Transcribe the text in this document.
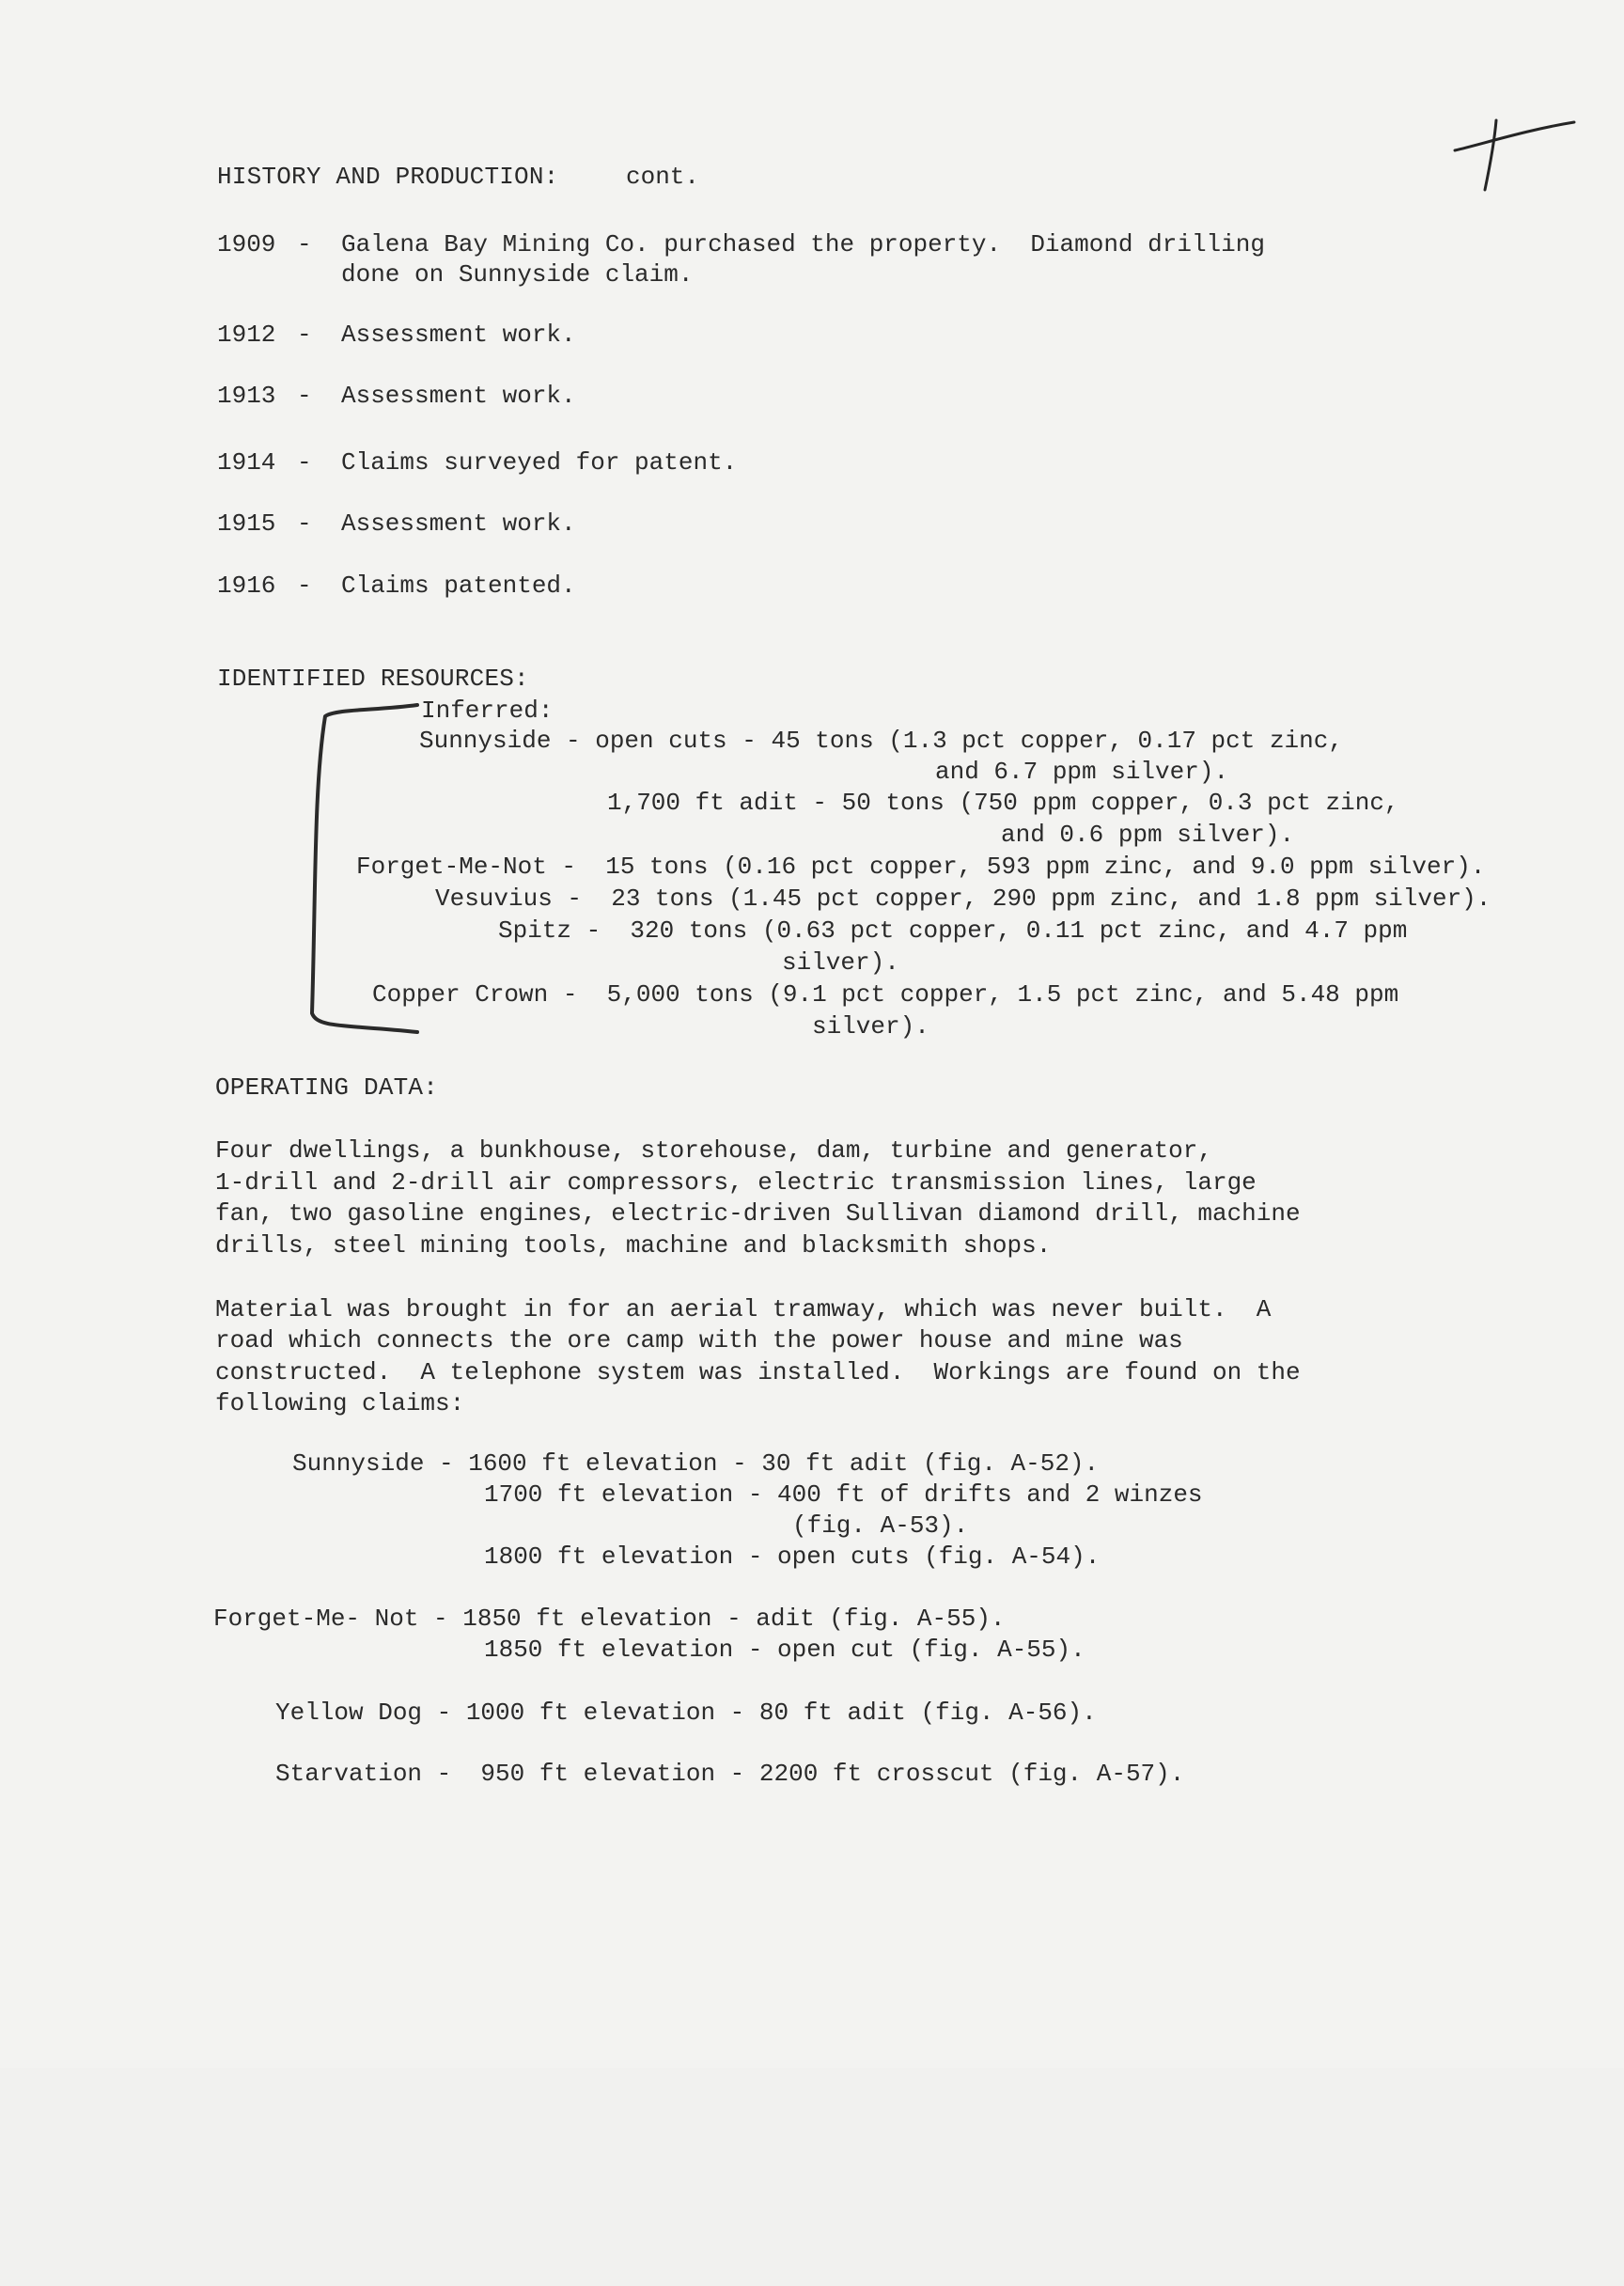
HISTORY AND PRODUCTION:

	cont.

1909

-

Galena Bay Mining Co. purchased the property.  Diamond drilling

done on Sunnyside claim.

1912

-

Assessment work.

1913

-

Assessment work.

1914

-

Claims surveyed for patent.

1915

-

Assessment work.

1916

-

Claims patented.

IDENTIFIED RESOURCES:

Inferred:

Sunnyside - open cuts - 45 tons (1.3 pct copper, 0.17 pct zinc,

and 6.7 ppm silver).

1,700 ft adit - 50 tons (750 ppm copper, 0.3 pct zinc,

and 0.6 ppm silver).

Forget-Me-Not -  15 tons (0.16 pct copper, 593 ppm zinc, and 9.0 ppm silver).

Vesuvius -  23 tons (1.45 pct copper, 290 ppm zinc, and 1.8 ppm silver).

Spitz -  320 tons (0.63 pct copper, 0.11 pct zinc, and 4.7 ppm

silver).

Copper Crown -  5,000 tons (9.1 pct copper, 1.5 pct zinc, and 5.48 ppm

silver).

OPERATING DATA:

Four dwellings, a bunkhouse, storehouse, dam, turbine and generator,

1-drill and 2-drill air compressors, electric transmission lines, large

fan, two gasoline engines, electric-driven Sullivan diamond drill, machine

drills, steel mining tools, machine and blacksmith shops.

Material was brought in for an aerial tramway, which was never built.  A

road which connects the ore camp with the power house and mine was

constructed.  A telephone system was installed.  Workings are found on the

following claims:

Sunnyside - 1600 ft elevation - 30 ft adit (fig. A-52).

1700 ft elevation - 400 ft of drifts and 2 winzes

(fig. A-53).

1800 ft elevation - open cuts (fig. A-54).

Forget-Me- Not - 1850 ft elevation - adit (fig. A-55).

1850 ft elevation - open cut (fig. A-55).

Yellow Dog - 1000 ft elevation - 80 ft adit (fig. A-56).

Starvation -  950 ft elevation - 2200 ft crosscut (fig. A-57).
